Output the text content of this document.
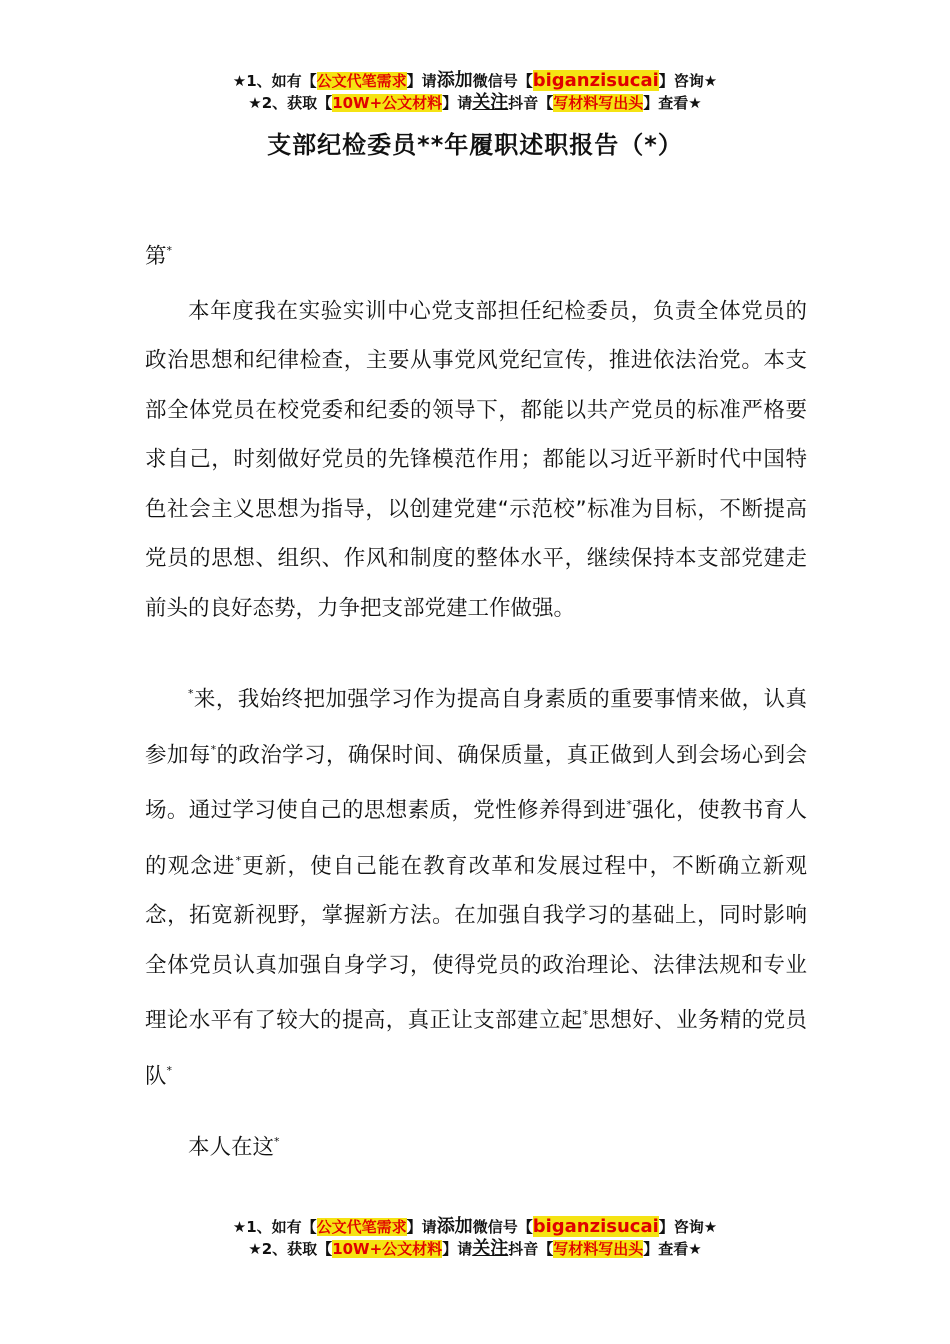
★1、如有【公文代笔需求】请添加微信号【biganzisucai】咨询★
★2、获取【10W+公文材料】请关注抖音【写材料写出头】查看★
支部纪检委员**年履职述职报告（*）

第*

本年度我在实验实训中心党支部担任纪检委员，负责全体党员的政治思想和纪律检查，主要从事党风党纪宣传，推进依法治党。本支部全体党员在校党委和纪委的领导下，都能以共产党员的标准严格要求自己，时刻做好党员的先锋模范作用；都能以习近平新时代中国特色社会主义思想为指导，以创建党建“示范校”标准为目标，不断提高党员的思想、组织、作风和制度的整体水平，继续保持本支部党建走前头的良好态势，力争把支部党建工作做强。

*来，我始终把加强学习作为提高自身素质的重要事情来做，认真参加每*的政治学习，确保时间、确保质量，真正做到人到会场心到会场。通过学习使自己的思想素质，党性修养得到进*强化，使教书育人的观念进*更新，使自己能在教育改革和发展过程中，不断确立新观念，拓宽新视野，掌握新方法。在加强自我学习的基础上，同时影响全体党员认真加强自身学习，使得党员的政治理论、法律法规和专业理论水平有了较大的提高，真正让支部建立起*思想好、业务精的党员队*

本人在这*

★1、如有【公文代笔需求】请添加微信号【biganzisucai】咨询★
★2、获取【10W+公文材料】请关注抖音【写材料写出头】查看★
